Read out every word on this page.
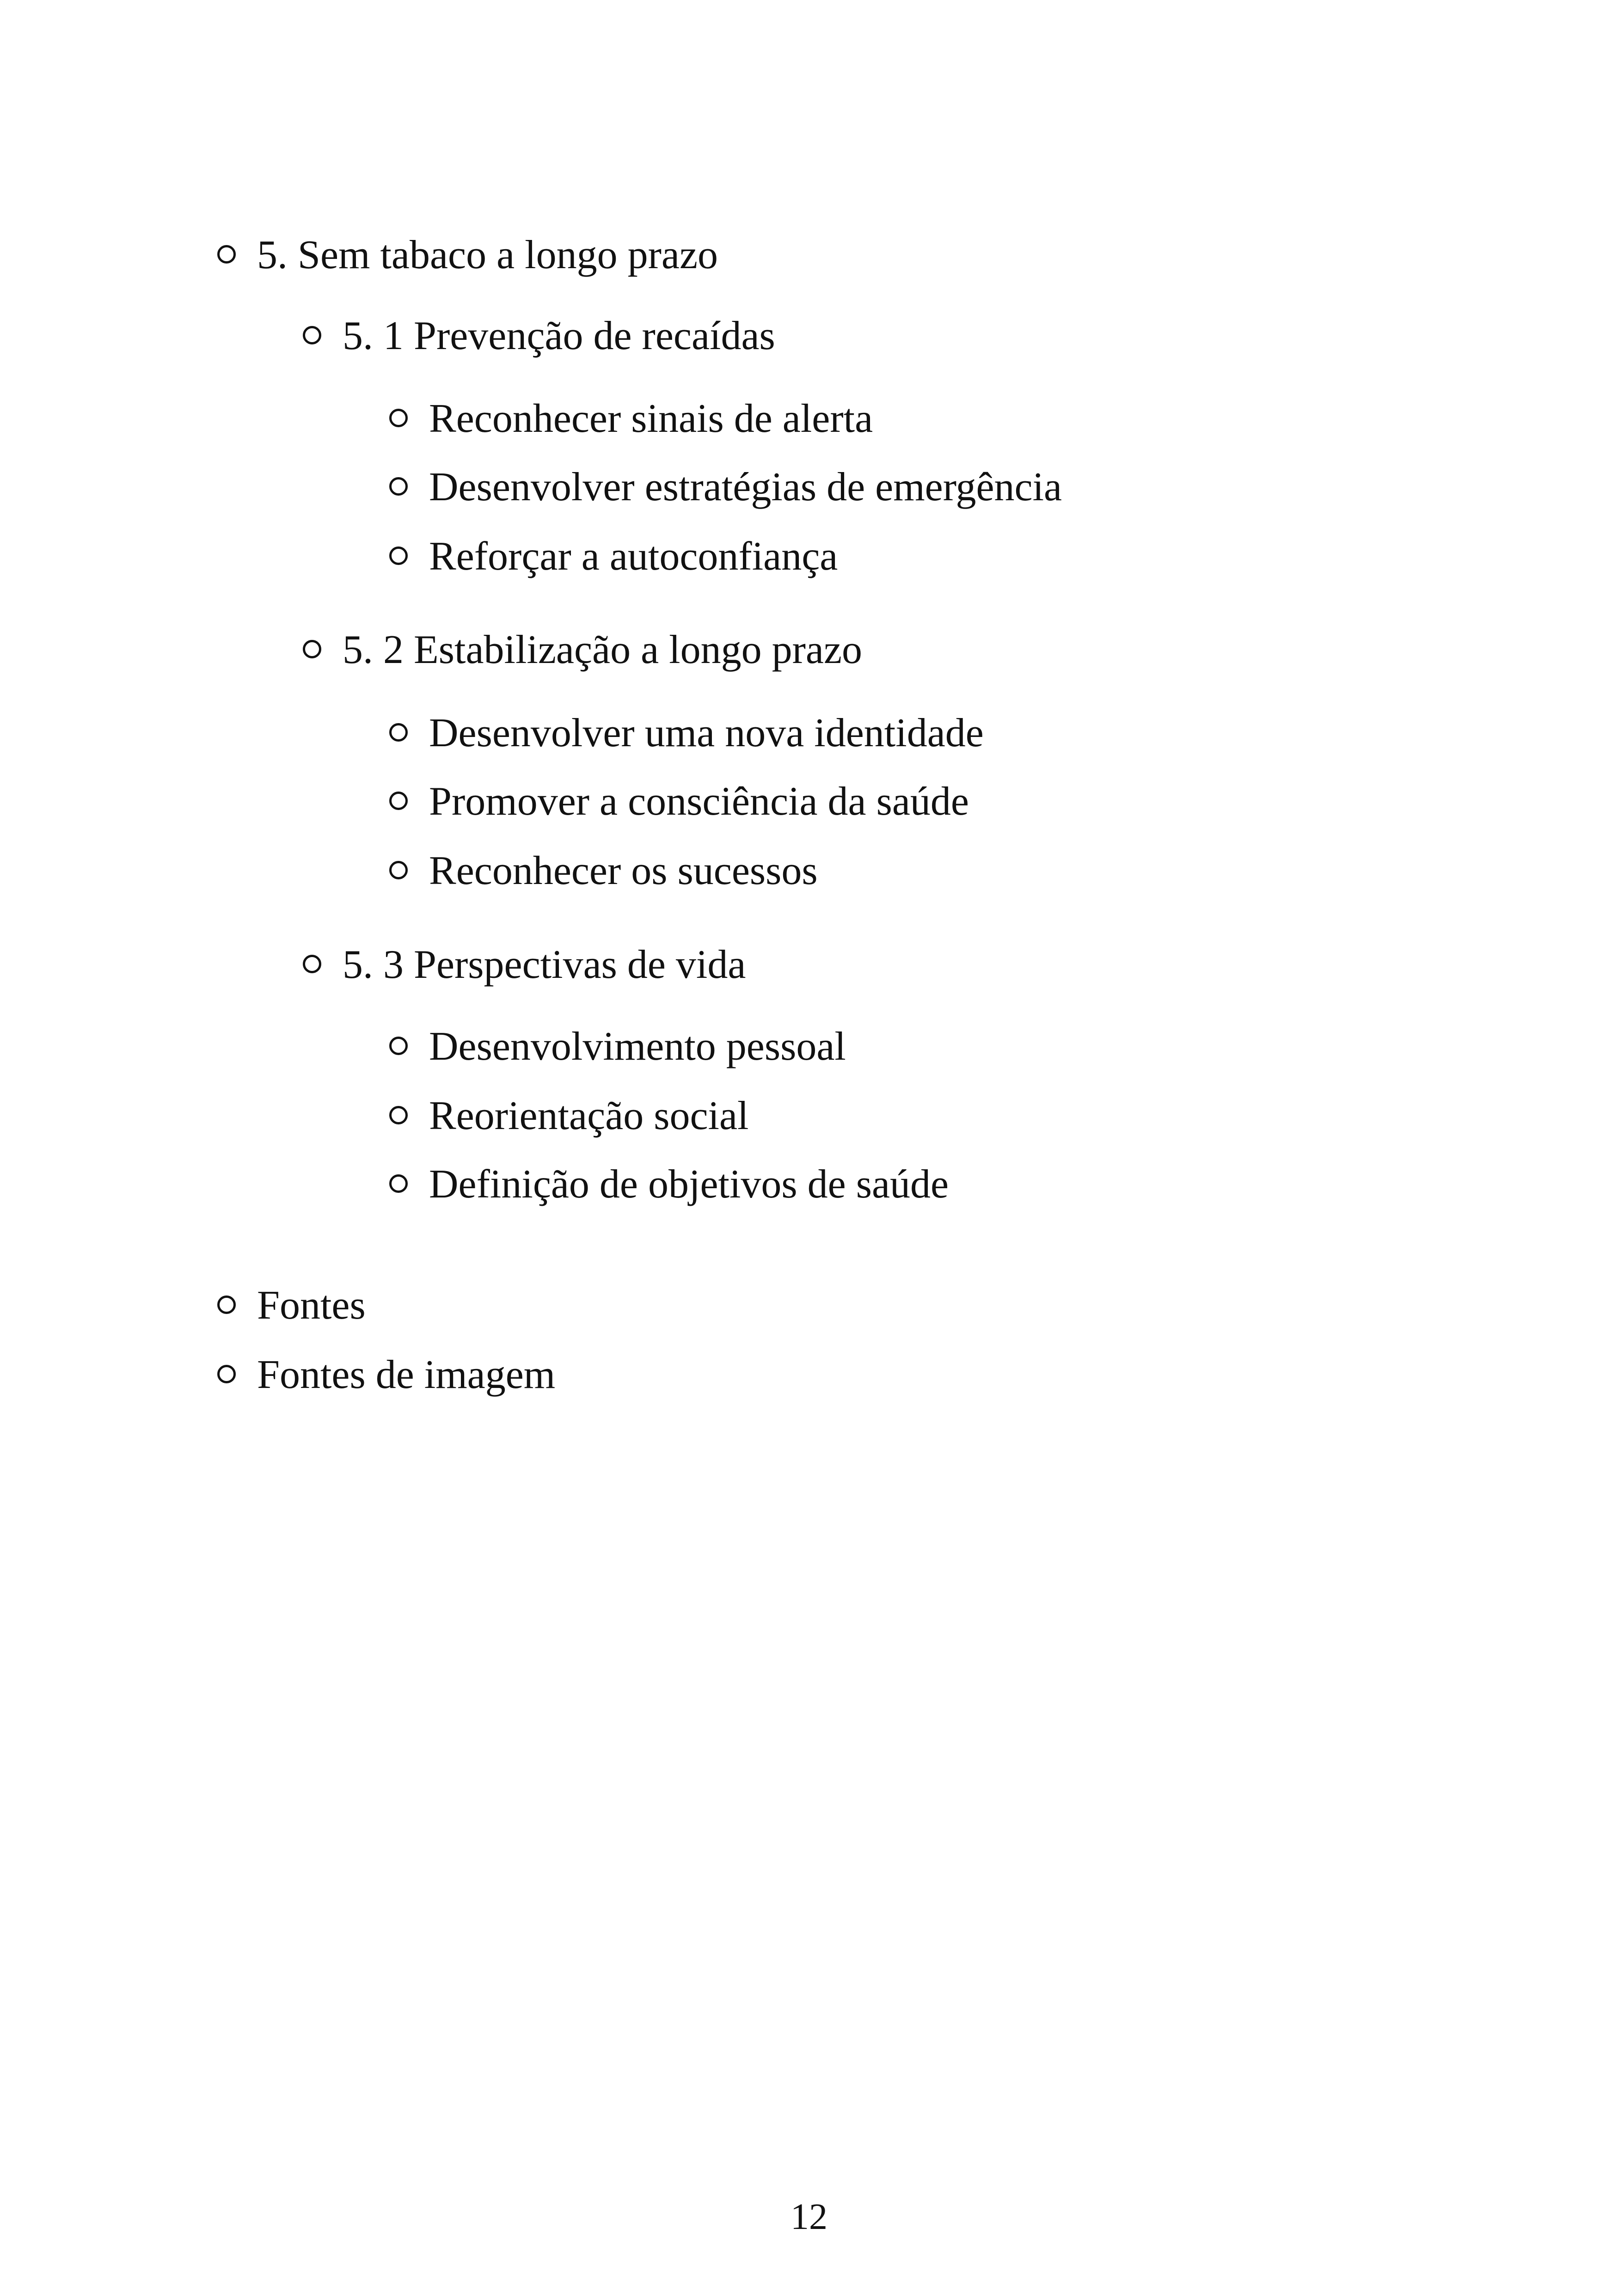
5. Sem tabaco a longo prazo
5. 1 Prevenção de recaídas
Reconhecer sinais de alerta
Desenvolver estratégias de emergência
Reforçar a autoconfiança
5. 2 Estabilização a longo prazo
Desenvolver uma nova identidade
Promover a consciência da saúde
Reconhecer os sucessos
5. 3 Perspectivas de vida
Desenvolvimento pessoal
Reorientação social
Definição de objetivos de saúde
Fontes
Fontes de imagem
12
